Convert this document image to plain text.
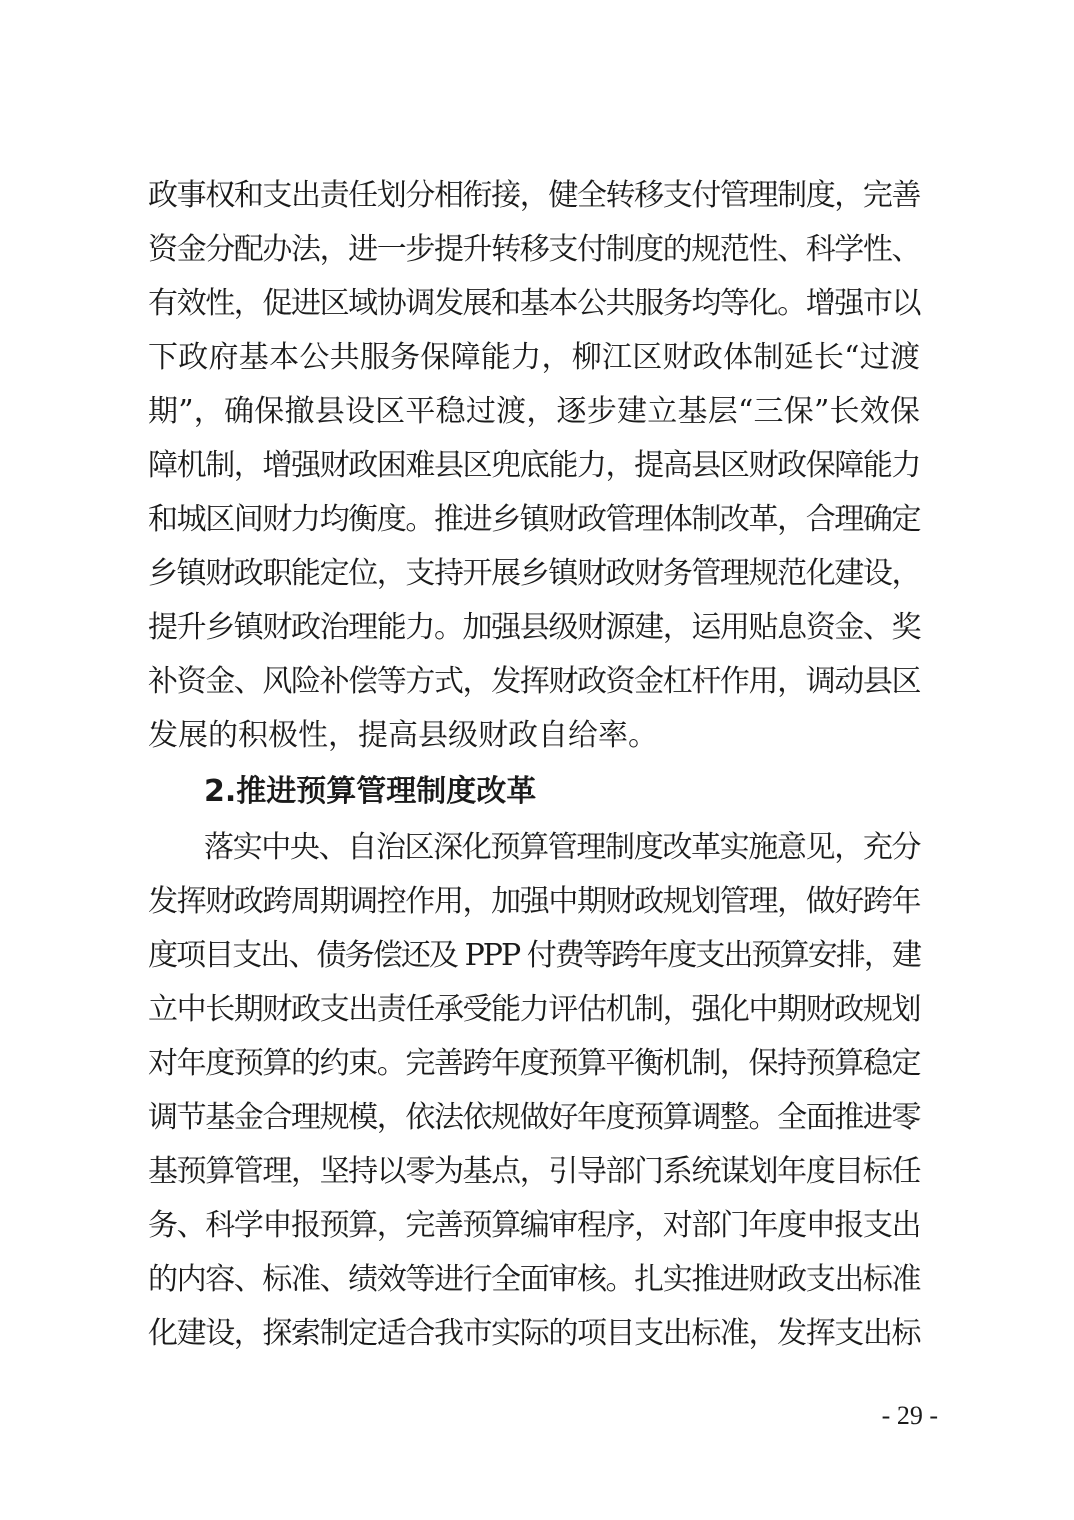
政事权和支出责任划分相衔接，健全转移支付管理制度，完善
资金分配办法，进一步提升转移支付制度的规范性、科学性、
有效性，促进区域协调发展和基本公共服务均等化。增强市以
下政府基本公共服务保障能力，柳江区财政体制延长“过渡
期”，确保撤县设区平稳过渡，逐步建立基层“三保”长效保
障机制，增强财政困难县区兜底能力，提高县区财政保障能力
和城区间财力均衡度。推进乡镇财政管理体制改革，合理确定
乡镇财政职能定位，支持开展乡镇财政财务管理规范化建设，
提升乡镇财政治理能力。加强县级财源建，运用贴息资金、奖
补资金、风险补偿等方式，发挥财政资金杠杆作用，调动县区
发展的积极性，提高县级财政自给率。
2.推进预算管理制度改革
落实中央、自治区深化预算管理制度改革实施意见，充分
发挥财政跨周期调控作用，加强中期财政规划管理，做好跨年
度项目支出、债务偿还及 PPP 付费等跨年度支出预算安排，建
立中长期财政支出责任承受能力评估机制，强化中期财政规划
对年度预算的约束。完善跨年度预算平衡机制，保持预算稳定
调节基金合理规模，依法依规做好年度预算调整。全面推进零
基预算管理，坚持以零为基点，引导部门系统谋划年度目标任
务、科学申报预算，完善预算编审程序，对部门年度申报支出
的内容、标准、绩效等进行全面审核。扎实推进财政支出标准
化建设，探索制定适合我市实际的项目支出标准，发挥支出标
- 29 -
